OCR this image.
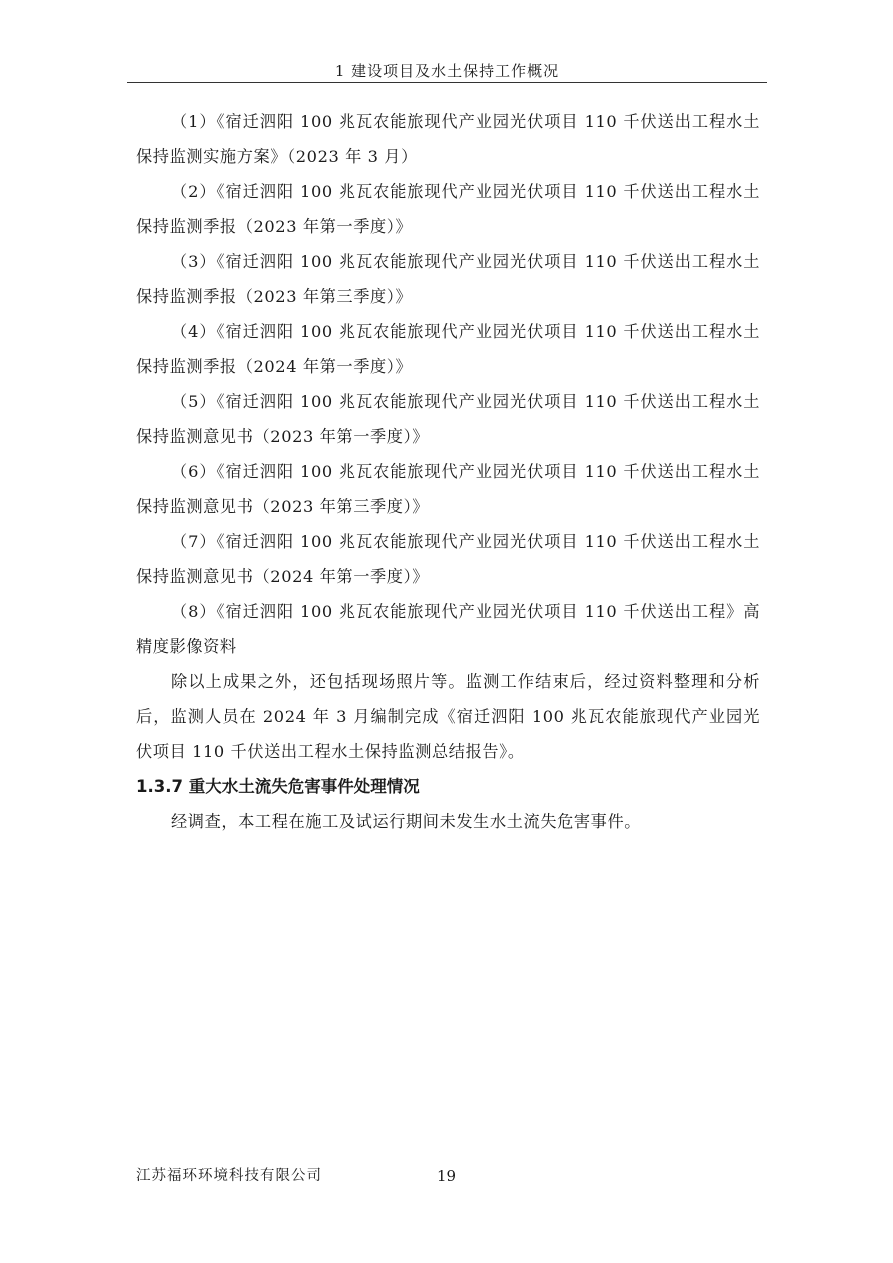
1 建设项目及水土保持工作概况

（1）《宿迁泗阳 100 兆瓦农能旅现代产业园光伏项目 110 千伏送出工程水土保持监测实施方案》（2023 年 3 月）

（2）《宿迁泗阳 100 兆瓦农能旅现代产业园光伏项目 110 千伏送出工程水土保持监测季报（2023 年第一季度）》

（3）《宿迁泗阳 100 兆瓦农能旅现代产业园光伏项目 110 千伏送出工程水土保持监测季报（2023 年第三季度）》

（4）《宿迁泗阳 100 兆瓦农能旅现代产业园光伏项目 110 千伏送出工程水土保持监测季报（2024 年第一季度）》

（5）《宿迁泗阳 100 兆瓦农能旅现代产业园光伏项目 110 千伏送出工程水土保持监测意见书（2023 年第一季度）》

（6）《宿迁泗阳 100 兆瓦农能旅现代产业园光伏项目 110 千伏送出工程水土保持监测意见书（2023 年第三季度）》

（7）《宿迁泗阳 100 兆瓦农能旅现代产业园光伏项目 110 千伏送出工程水土保持监测意见书（2024 年第一季度）》

（8）《宿迁泗阳 100 兆瓦农能旅现代产业园光伏项目 110 千伏送出工程》高精度影像资料

除以上成果之外，还包括现场照片等。监测工作结束后，经过资料整理和分析后，监测人员在 2024 年 3 月编制完成《宿迁泗阳 100 兆瓦农能旅现代产业园光伏项目 110 千伏送出工程水土保持监测总结报告》。

1.3.7 重大水土流失危害事件处理情况

经调查，本工程在施工及试运行期间未发生水土流失危害事件。

江苏福环环境科技有限公司	19
